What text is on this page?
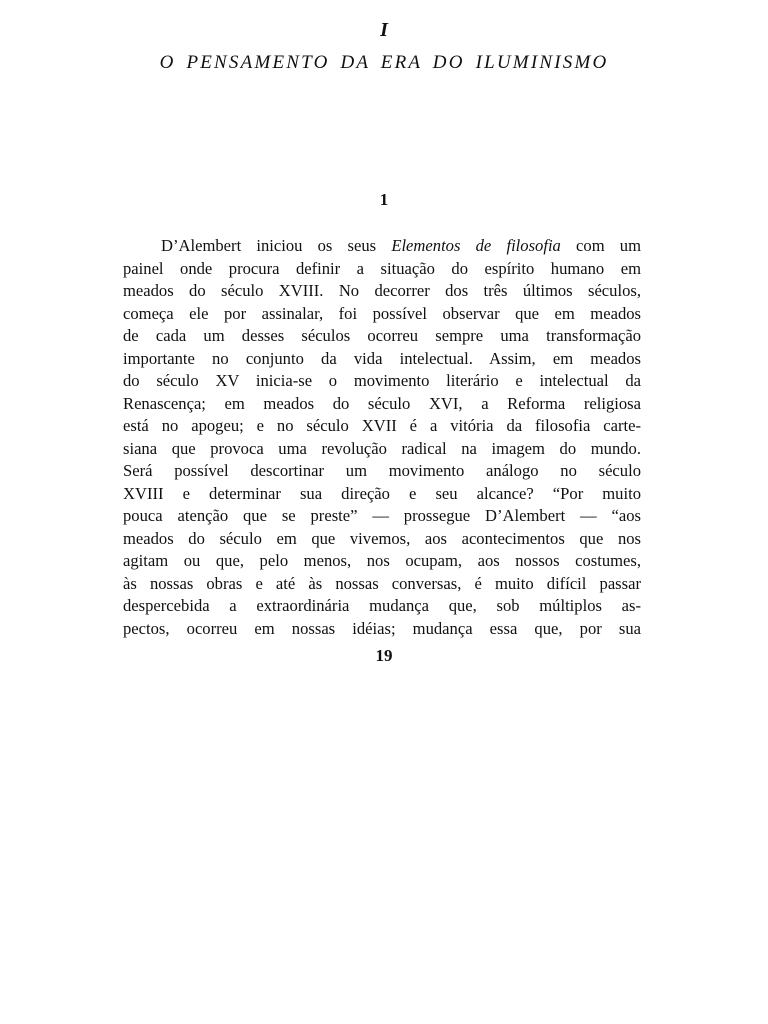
I
O PENSAMENTO DA ERA DO ILUMINISMO
1
D’Alembert iniciou os seus Elementos de filosofia com um
painel onde procura definir a situação do espírito humano em
meados do século XVIII. No decorrer dos três últimos séculos,
começa ele por assinalar, foi possível observar que em meados
de cada um desses séculos ocorreu sempre uma transformação
importante no conjunto da vida intelectual. Assim, em meados
do século XV inicia-se o movimento literário e intelectual da
Renascença; em meados do século XVI, a Reforma religiosa
está no apogeu; e no século XVII é a vitória da filosofia carte-
siana que provoca uma revolução radical na imagem do mundo.
Será possível descortinar um movimento análogo no século
XVIII e determinar sua direção e seu alcance? “Por muito
pouca atenção que se preste” — prossegue D’Alembert — “aos
meados do século em que vivemos, aos acontecimentos que nos
agitam ou que, pelo menos, nos ocupam, aos nossos costumes,
às nossas obras e até às nossas conversas, é muito difícil passar
despercebida a extraordinária mudança que, sob múltiplos as-
pectos, ocorreu em nossas idéias; mudança essa que, por sua
19
